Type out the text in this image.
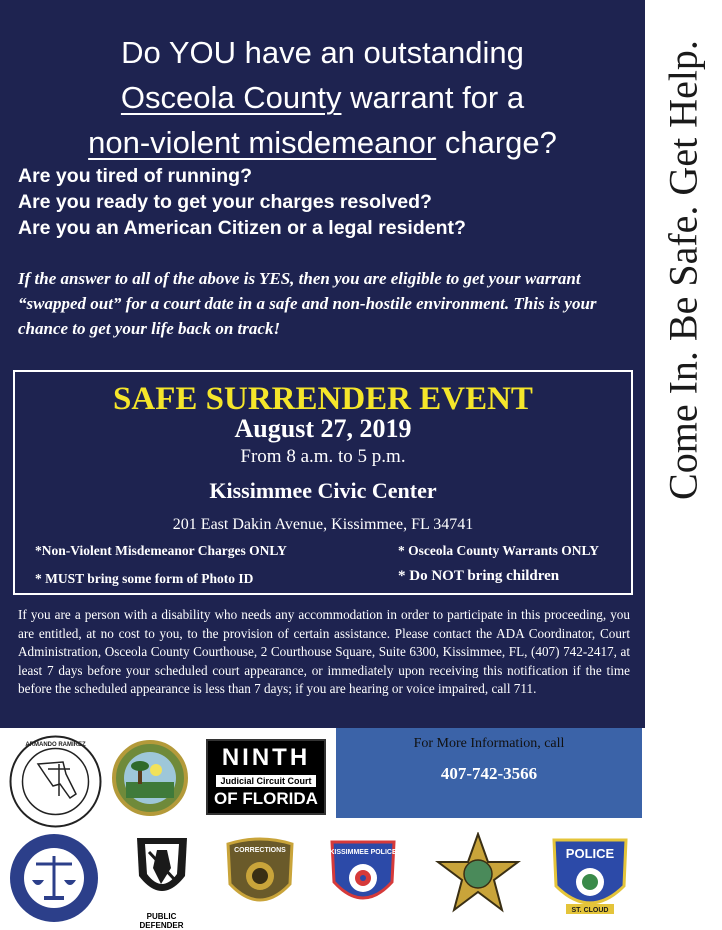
Come In. Be Safe. Get Help.
Do YOU have an outstanding
Osceola County warrant for a
non-violent misdemeanor charge?
Are you tired of running?
Are you ready to get your charges resolved?
Are you an American Citizen or a legal resident?
If the answer to all of the above is YES, then you are eligible to get your warrant “swapped out” for a court date in a safe and non-hostile environment. This is your chance to get your life back on track!
SAFE SURRENDER EVENT
August 27, 2019
From 8 a.m. to 5 p.m.
Kissimmee Civic Center
201 East Dakin Avenue, Kissimmee, FL 34741
*Non-Violent Misdemeanor Charges ONLY	* Osceola County Warrants ONLY
* MUST bring some form of Photo ID	* Do NOT bring children
If you are a person with a disability who needs any accommodation in order to participate in this proceeding, you are entitled, at no cost to you, to the provision of certain assistance. Please contact the ADA Coordinator, Court Administration, Osceola County Courthouse, 2 Courthouse Square, Suite 6300, Kissimmee, FL, (407) 742-2417, at least 7 days before your scheduled court appearance, or immediately upon receiving this notification if the time before the scheduled appearance is less than 7 days; if you are hearing or voice impaired, call 711.
For More Information, call
407-742-3566
ARMANDO RAMIREZ	NINTH
Judicial Circuit Court
OF FLORIDA
PUBLIC DEFENDER
CORRECTIONS	KISSIMMEE POLICE	POLICE
ST. CLOUD
